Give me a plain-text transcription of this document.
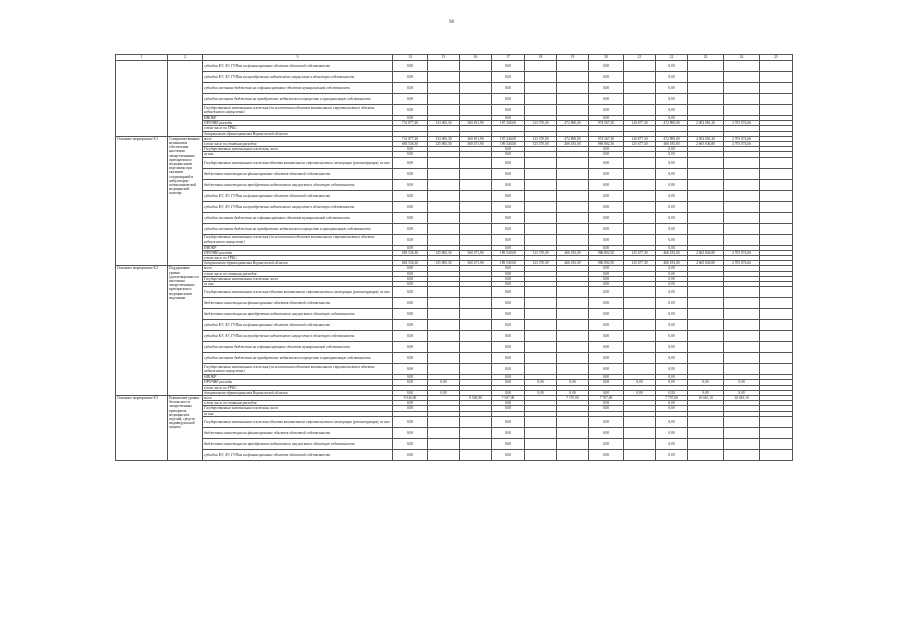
98
1	2	3	14	15	16	17	18	19	20	21	22	23	24	25
		субсидии КУ, АУ, ГУПам на финансирование объектов областной собственности	0,00			0,00			0,00		0,00			
		субсидии КУ, АУ, ГУПам на приобретение недвижимого имущества в областную собственность	0,00			0,00			0,00		0,00			
		субсидии местным бюджетам на софинансирование объектов муниципальной собственности	0,00			0,00			0,00		0,00			
		субсидии местным бюджетам на приобретение недвижимого имущества в муниципальную собственность	0,00			0,00			0,00		0,00			
		Государственные капитальные вложения (за исключением объектов капитального строительства в объекты недвижимого имущества)	0,00			0,00			0,00		0,00			
		НИОКР	0,00			0,00			0,00		0,00			
		ПРОЧИЕ расходы	731 877,20	133 065,30	360 811,90	187 240,00	123 370,00	472 890,00	974 567,30	120 677,30	472 890,00	2 002 081,20	2 705 074,66	
		в том числе по ГРБС:												
		департамент здравоохранения Воронежской области												
Основное мероприятие 8.1	Совершенствование механизмов обеспечения населения лекарственными препаратами и медицинскими изделиями при оказании стационарной и амбулаторно-поликлинической медицинской помощи	всего	731 877,20	133 065,30	360 811,90	187 240,00	123 370,00	472 890,00	974 567,30	120 677,30	472 890,00	2 002 081,20	2 705 074,66	
		в том числе по статьям расходов:	683 536,30	125 865,30	360 471,90	189 540,00	123 370,00	466 183,00	986 802,50	125 677,30	466 183,00	2 665 846,80	2 705 074,66	
		Государственные капитальные вложения, всего	0,00			0,00			0,00		0,00			
		из них:	0,00			0,00			0,00		0,00			
		Государственные капитальные вложения объекты капитального строительства и мелиорации (реконструкция), из них:	0,00			0,00			0,00		0,00			
		бюджетные инвестиции на финансирование объектов областной собственности	0,00			0,00			0,00		0,00			
		бюджетные инвестиции на приобретение недвижимого имущества в областную собственность	0,00			0,00			0,00		0,00			
		субсидии КУ, АУ, ГУПам на финансирование объектов областной собственности	0,00			0,00			0,00		0,00			
		субсидии КУ, АУ, ГУПам на приобретение недвижимого имущества в областную собственность	0,00			0,00			0,00		0,00			
		субсидии местным бюджетам на софинансирование объектов муниципальной собственности	0,00			0,00			0,00		0,00			
		субсидии местным бюджетам на приобретение недвижимого имущества в муниципальную собственность	0,00			0,00			0,00		0,00			
		Государственные капитальные вложения (за исключением объектов капитального строительства в объекты недвижимого имущества)	0,00			0,00			0,00		0,00			
		НИОКР	0,00			0,00			0,00		0,00			
		ПРОЧИЕ расходы	683 536,30	125 865,30	360 471,90	189 540,00	123 370,00	466 183,00	986 802,50	125 677,30	466 183,00	2 665 846,80	2 705 074,66	
		в том числе по ГРБС:												
		департамент здравоохранения Воронежской области	683 536,30	125 865,30	360 471,90	189 540,00	123 370,00	466 183,00	986 802,50	125 677,30	466 183,00	2 665 846,80	2 705 074,66	
Основное мероприятие 8.2	Поддержание уровня удовлетворенности населения лекарственными препаратами и медицинскими изделиями	всего	0,00			0,00			0,00		0,00			
		в том числе по статьям расходов:	0,00			0,00			0,00		0,00			
		Государственные капитальные вложения, всего	0,00			0,00			0,00		0,00			
		из них:	0,00			0,00			0,00		0,00			
		Государственные капитальные вложения объекты капитального строительства и мелиорации (реконструкция), из них:	0,00			0,00			0,00		0,00			
		бюджетные инвестиции на финансирование объектов областной собственности	0,00			0,00			0,00		0,00			
		бюджетные инвестиции на приобретение недвижимого имущества в областную собственность	0,00			0,00			0,00		0,00			
		субсидии КУ, АУ, ГУПам на финансирование объектов областной собственности	0,00			0,00			0,00		0,00			
		субсидии КУ, АУ, ГУПам на приобретение недвижимого имущества в областную собственность	0,00			0,00			0,00		0,00			
		субсидии местным бюджетам на софинансирование объектов муниципальной собственности	0,00			0,00			0,00		0,00			
		субсидии местным бюджетам на приобретение недвижимого имущества в муниципальную собственность	0,00			0,00			0,00		0,00			
		Государственные капитальные вложения (за исключением объектов капитального строительства в объекты недвижимого имущества)	0,00			0,00			0,00		0,00			
		НИОКР	0,00			0,00			0,00		0,00			
		ПРОЧИЕ расходы	0,00	0,00		0,00	0,00	0,00	0,00	0,00	0,00	0,00	0,00	
		в том числе по ГРБС:												
		департамент здравоохранения Воронежской области	0,00	0,00		0,00	0,00	0,00	0,00	0,00	0,00	0,00	0,00	
Основное мероприятие 8.3	Повышение уровня безопасности лекарственных препаратов, медицинских изделий, средств индивидуальной защиты	всего	9 540,90		9 540,90	7 507,00		7 707,00	7 707,00		7 707,00	10 045,10	10 045,10	
		в том числе по статьям расходов:	0,00			0,00			0,00		0,00			
		Государственные капитальные вложения, всего	0,00			0,00			0,00		0,00			
		из них:												
		Государственные капитальные вложения объекты капитального строительства и мелиорации (реконструкция), из них:	0,00			0,00			0,00		0,00			
		бюджетные инвестиции на финансирование объектов областной собственности	0,00			0,00			0,00		0,00			
		бюджетные инвестиции на приобретение недвижимого имущества в областную собственность	0,00			0,00			0,00		0,00			
		субсидии КУ, АУ, ГУПам на финансирование объектов областной собственности	0,00			0,00			0,00		0,00			
